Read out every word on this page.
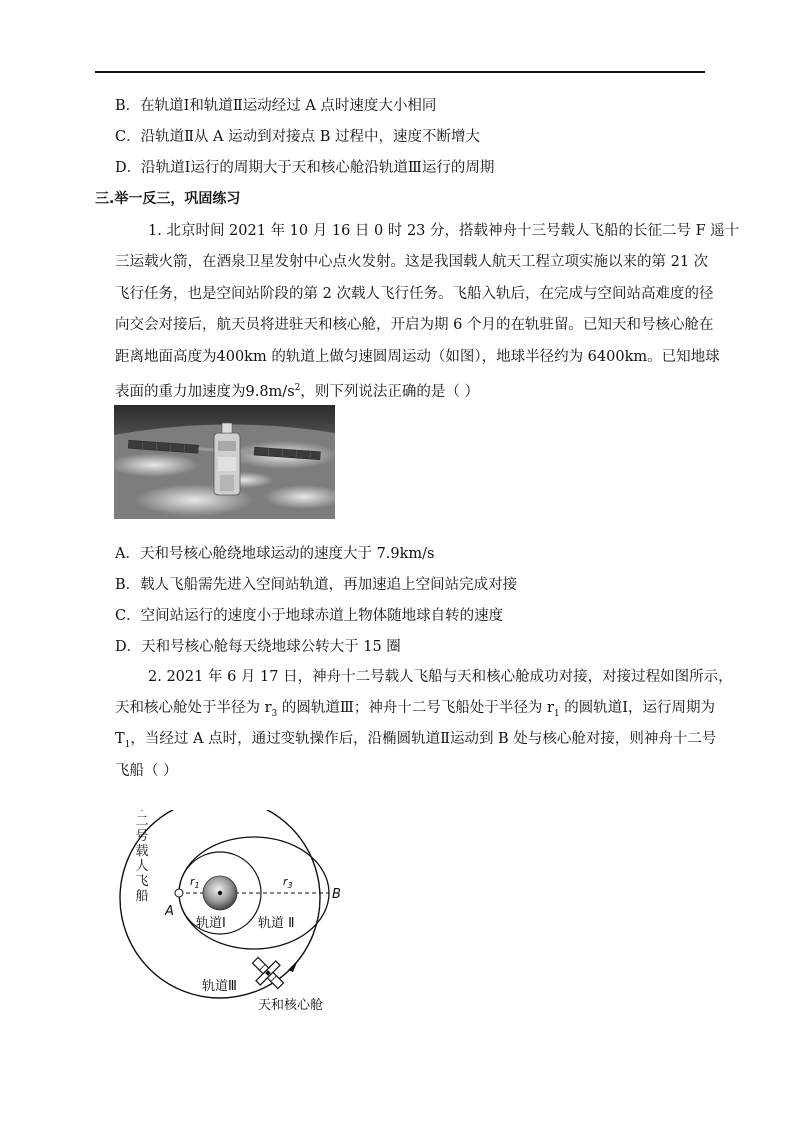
B．在轨道Ⅰ和轨道Ⅱ运动经过 A 点时速度大小相同
C．沿轨道Ⅱ从 A 运动到对接点 B 过程中，速度不断增大
D．沿轨道Ⅰ运行的周期大于天和核心舱沿轨道Ⅲ运行的周期
三.举一反三，巩固练习
1. 北京时间 2021 年 10 月 16 日 0 时 23 分，搭载神舟十三号载人飞船的长征二号 F 遥十
三运载火箭，在酒泉卫星发射中心点火发射。这是我国载人航天工程立项实施以来的第 21 次
飞行任务，也是空间站阶段的第 2 次载人飞行任务。飞船入轨后，在完成与空间站高难度的径
向交会对接后，航天员将进驻天和核心舱，开启为期 6 个月的在轨驻留。已知天和号核心舱在
距离地面高度为400km 的轨道上做匀速圆周运动（如图），地球半径约为 6400km。已知地球
表面的重力加速度为$9.8m/s^2$，则下列说法正确的是（ ）
A．天和号核心舱绕地球运动的速度大于 7.9km/s
B．载人飞船需先进入空间站轨道，再加速追上空间站完成对接
C．空间站运行的速度小于地球赤道上物体随地球自转的速度
D．天和号核心舱每天绕地球公转大于 15 圈
2. 2021 年 6 月 17 日，神舟十二号载人飞船与天和核心舱成功对接，对接过程如图所示，
天和核心舱处于半径为 $r_3$ 的圆轨道Ⅲ；神舟十二号飞船处于半径为 $r_1$ 的圆轨道Ⅰ，运行周期为
$T_1$，当经过 A 点时，通过变轨操作后，沿椭圆轨道Ⅱ运动到 B 处与核心舱对接，则神舟十二号
飞船（ ）
神州十二号载人飞船
A
B
$r_1$	$r_3$
轨道Ⅰ 轨道 Ⅱ
轨道Ⅲ
天和核心舱
